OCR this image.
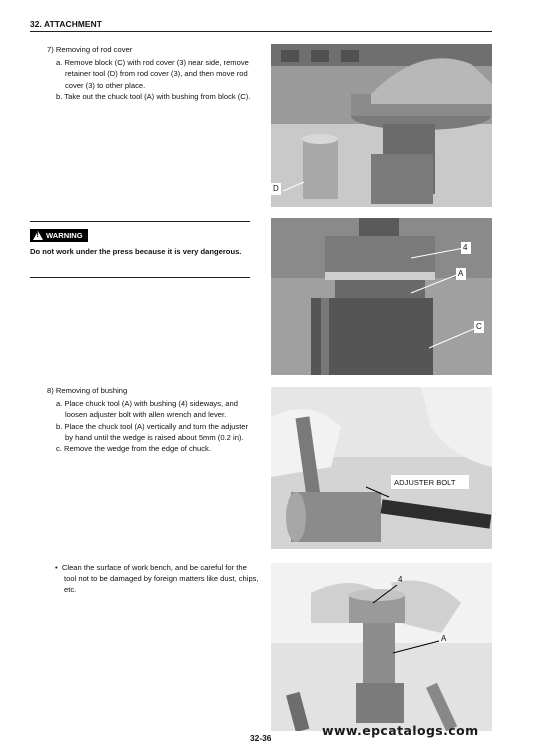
32. ATTACHMENT
7) Removing of rod cover
a. Remove block (C) with rod cover (3) near side, remove retainer tool (D) from rod cover (3), and then move rod cover (3) to other place.
b. Take out the chuck tool (A) with bushing from block (C).
D
! WARNING
Do not work under the press because it is very dangerous.	4
A
C
8) Removing of bushing
a. Place chuck tool (A) with bushing (4) sideways, and loosen adjuster bolt with allen wrench and lever.
b. Place the chuck tool (A) vertically and turn the adjuster by hand until the wedge is raised about 5mm (0.2 in).
c. Remove the wedge from the edge of chuck.
ADJUSTER BOLT
• Clean the surface of work bench, and be careful for the tool not to be damaged by foreign matters like dust, chips, etc.
4
A
32-36	www.epcatalogs.com
